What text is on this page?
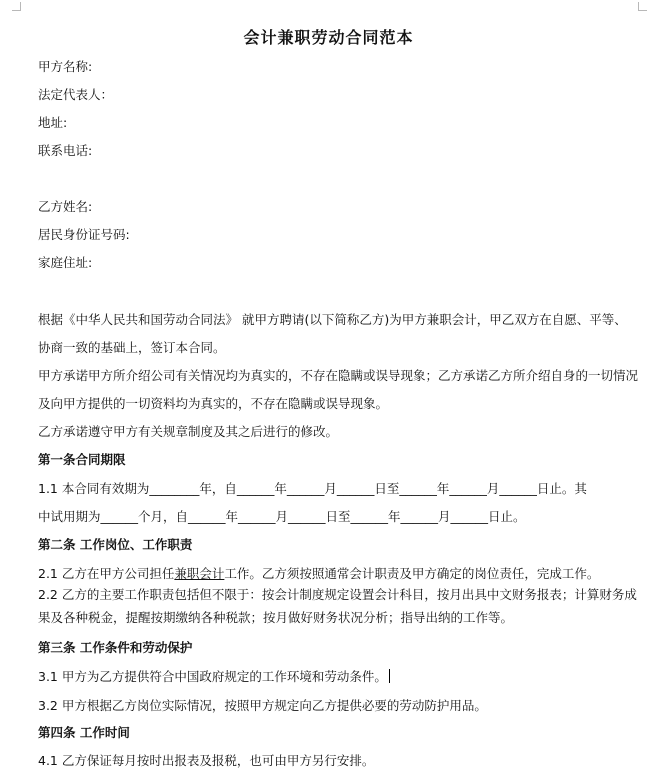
会计兼职劳动合同范本
甲方名称:
法定代表人：
地址:
联系电话:
乙方姓名:
居民身份证号码:
家庭住址:
根据《中华人民共和国劳动合同法》 就甲方聘请(以下简称乙方)为甲方兼职会计，甲乙双方在自愿、平等、
协商一致的基础上，签订本合同。
甲方承诺甲方所介绍公司有关情况均为真实的，不存在隐瞒或误导现象；乙方承诺乙方所介绍自身的一切情况
及向甲方提供的一切资料均为真实的，不存在隐瞒或误导现象。
乙方承诺遵守甲方有关规章制度及其之后进行的修改。
第一条合同期限
1.1 本合同有效期为________年，自______年______月______日至______年______月______日止。其
中试用期为______个月，自______年______月______日至______年______月______日止。
第二条 工作岗位、工作职责
2.1 乙方在甲方公司担任兼职会计工作。乙方须按照通常会计职责及甲方确定的岗位责任，完成工作。
2.2 乙方的主要工作职责包括但不限于：按会计制度规定设置会计科目，按月出具中文财务报表；计算财务成
果及各种税金，提醒按期缴纳各种税款；按月做好财务状况分析；指导出纳的工作等。
第三条 工作条件和劳动保护
3.1 甲方为乙方提供符合中国政府规定的工作环境和劳动条件。
3.2 甲方根据乙方岗位实际情况，按照甲方规定向乙方提供必要的劳动防护用品。
第四条 工作时间
4.1 乙方保证每月按时出报表及报税，也可由甲方另行安排。
